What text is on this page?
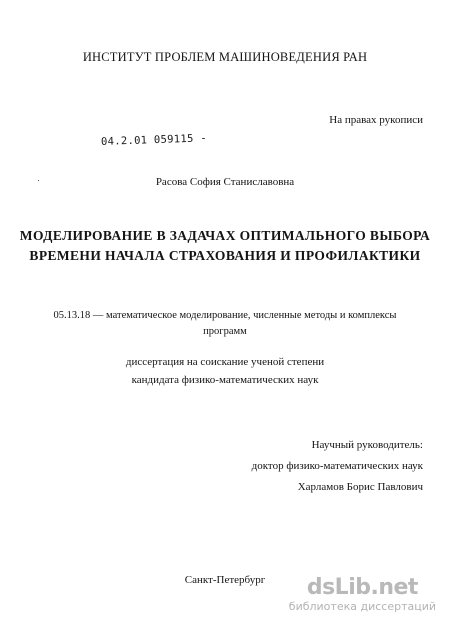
ИНСТИТУТ ПРОБЛЕМ МАШИНОВЕДЕНИЯ РАН
На правах рукописи
04.2.01 059115 -
Расова София Станиславовна
МОДЕЛИРОВАНИЕ В ЗАДАЧАХ ОПТИМАЛЬНОГО ВЫБОРА
ВРЕМЕНИ НАЧАЛА СТРАХОВАНИЯ И ПРОФИЛАКТИКИ
05.13.18 — математическое моделирование, численные методы и комплексы
программ
диссертация на соискание ученой степени
кандидата физико-математических наук
Научный руководитель:
доктор физико-математических наук
Харламов Борис Павлович
Санкт-Петербург	dsLib.net
библиотека диссертаций
